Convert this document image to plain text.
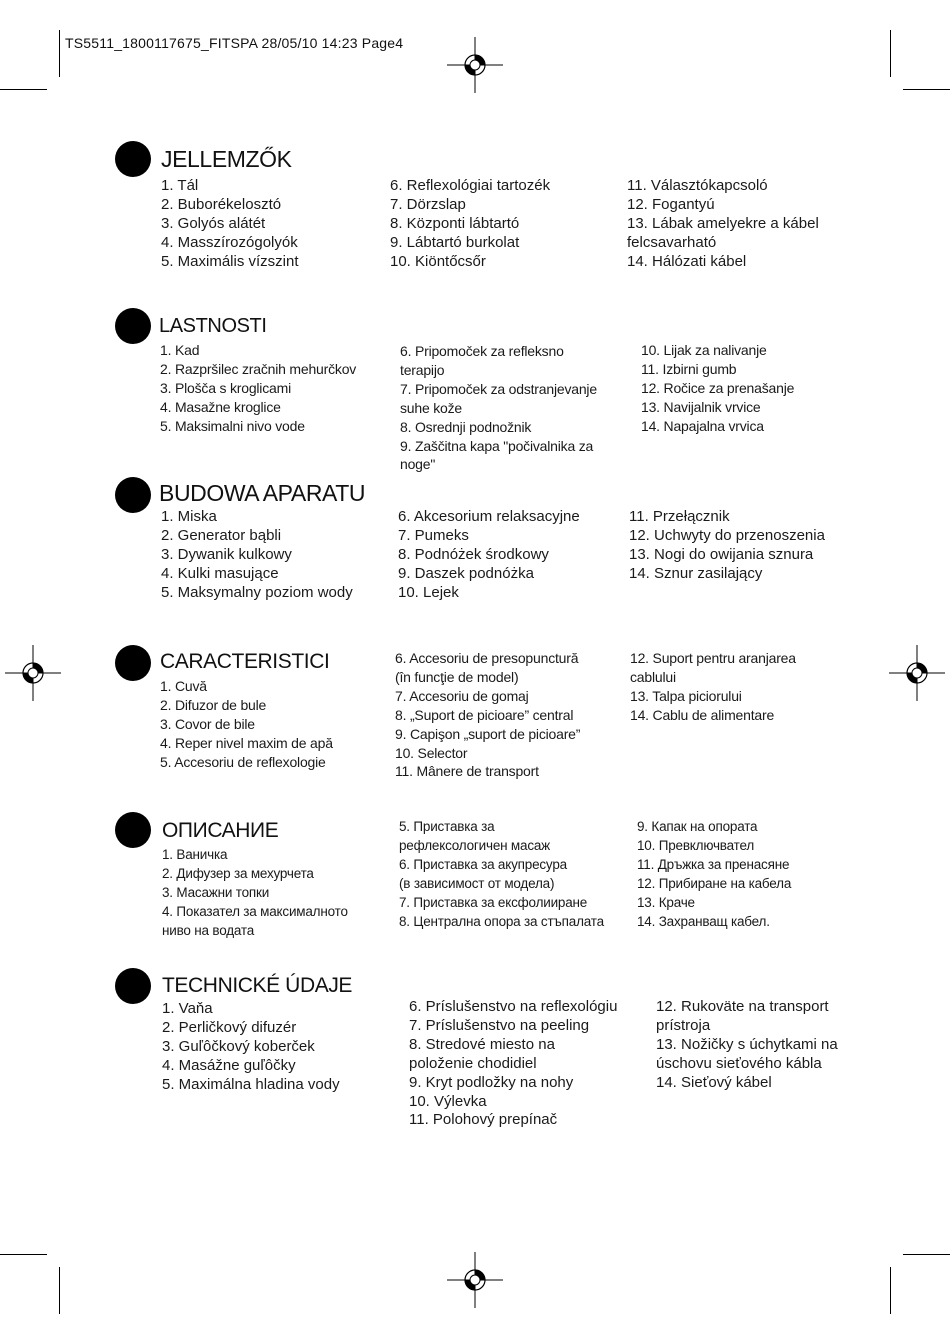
TS5511_1800117675_FITSPA 28/05/10 14:23 Page4
JELLEMZŐK
1. Tál
2. Buborékelosztó
3. Golyós alátét
4. Masszírozógolyók
5. Maximális vízszint
6. Reflexológiai tartozék
7. Dörzslap
8. Központi lábtartó
9. Lábtartó burkolat
10. Kiöntőcsőr
11. Választókapcsoló
12. Fogantyú
13. Lábak amelyekre a kábel
felcsavarható
14. Hálózati kábel
LASTNOSTI
1. Kad
2. Razpršilec zračnih mehurčkov
3. Plošča s kroglicami
4. Masažne kroglice
5. Maksimalni nivo vode
6. Pripomoček za refleksno
terapijo
7. Pripomoček za odstranjevanje
suhe kože
8. Osrednji podnožnik
9. Zaščitna kapa "počivalnika za
noge"
10. Lijak za nalivanje
11. Izbirni gumb
12. Ročice za prenašanje
13. Navijalnik vrvice
14. Napajalna vrvica
BUDOWA APARATU
1. Miska
2. Generator bąbli
3. Dywanik kulkowy
4. Kulki masujące
5. Maksymalny poziom wody
6. Akcesorium relaksacyjne
7. Pumeks
8. Podnóżek środkowy
9. Daszek podnóżka
10. Lejek
11. Przełącznik
12. Uchwyty do przenoszenia
13. Nogi do owijania sznura
14. Sznur zasilający
CARACTERISTICI
1. Cuvă
2. Difuzor de bule
3. Covor de bile
4. Reper nivel maxim de apă
5. Accesoriu de reflexologie
6. Accesoriu de presopunctură
(în funcţie de model)
7. Accesoriu de gomaj
8. „Suport de picioare” central
9. Capişon „suport de picioare”
10. Selector
11. Mânere de transport
12. Suport pentru aranjarea
cablului
13. Talpa piciorului
14. Cablu de alimentare
ОПИСАНИЕ
1. Ваничка
2. Дифузер за мехурчета
3. Масажни топки
4. Показател за максималното
ниво на водата
5. Приставка за
рефлексологичен масаж
6. Приставка за акупресура
(в зависимост от модела)
7. Приставка за ексфолииране
8. Централна опора за стъпалата
9. Капак на опората
10. Превключвател
11. Дръжка за пренасяне
12. Прибиране на кабела
13. Краче
14. Захранващ кабел.
TECHNICKÉ ÚDAJE
1. Vaňa
2. Perličkový difuzér
3. Guľôčkový koberček
4. Masážne guľôčky
5. Maximálna hladina vody
6. Príslušenstvo na reflexológiu
7. Príslušenstvo na peeling
8. Stredové miesto na
položenie chodidiel
9. Kryt podložky na nohy
10. Výlevka
11. Polohový prepínač
12. Rukoväte na transport
prístroja
13. Nožičky s úchytkami na
úschovu sieťového kábla
14. Sieťový kábel
